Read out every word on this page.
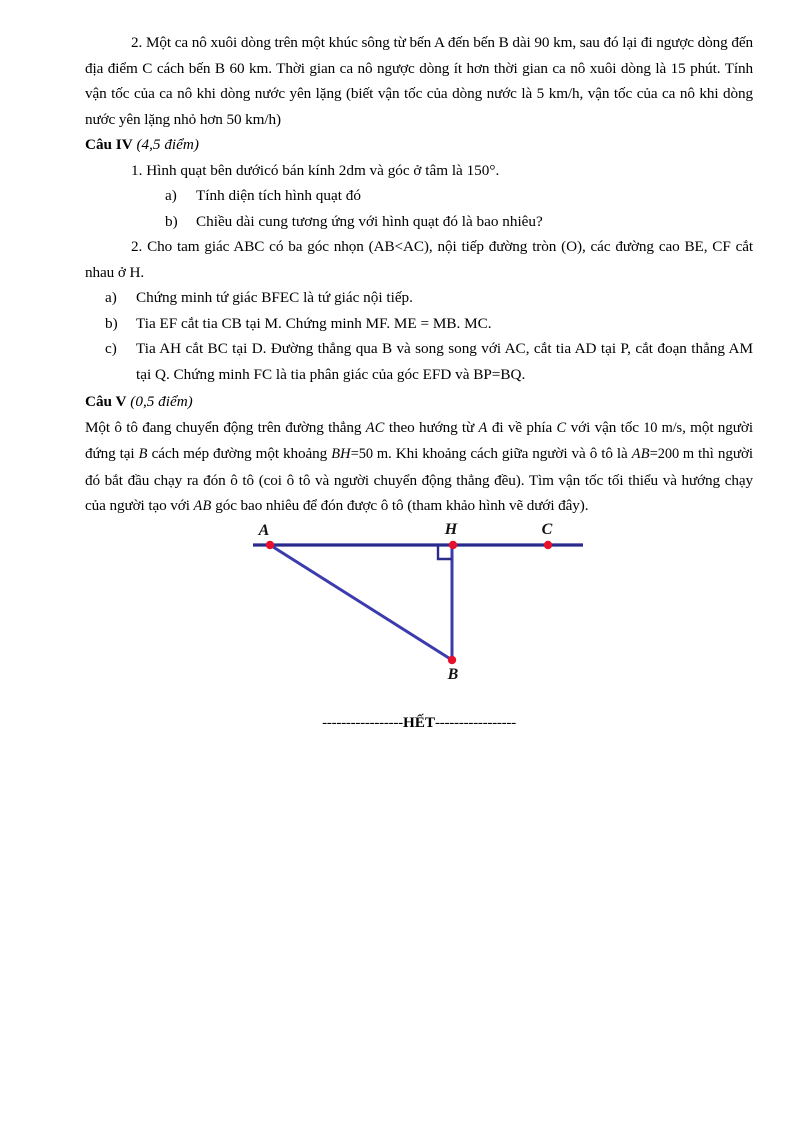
2. Một ca nô xuôi dòng trên một khúc sông từ bến A đến bến B dài 90 km, sau đó lại đi ngược dòng đến địa điểm C cách bến B 60 km. Thời gian ca nô ngược dòng ít hơn thời gian ca nô xuôi dòng là 15 phút. Tính vận tốc của ca nô khi dòng nước yên lặng (biết vận tốc của dòng nước là 5 km/h, vận tốc của ca nô khi dòng nước yên lặng nhỏ hơn 50 km/h)

Câu IV (4,5 điểm)

1. Hình quạt bên dướicó bán kính 2dm và góc ở tâm là 150°.

a) Tính diện tích hình quạt đó
b) Chiều dài cung tương ứng với hình quạt đó là bao nhiêu?

2. Cho tam giác ABC có ba góc nhọn (AB<AC), nội tiếp đường tròn (O), các đường cao BE, CF cắt nhau ở H.

a) Chứng minh tứ giác BFEC là tứ giác nội tiếp.
b) Tia EF cắt tia CB tại M. Chứng minh MF. ME = MB. MC.
c) Tia AH cắt BC tại D. Đường thẳng qua B và song song với AC, cắt tia AD tại P, cắt đoạn thẳng AM tại Q. Chứng minh FC là tia phân giác của góc EFD và BP=BQ.

Câu V (0,5 điểm)

Một ô tô đang chuyển động trên đường thẳng AC theo hướng từ A đi về phía C với vận tốc 10 m/s, một người đứng tại B cách mép đường một khoảng BH=50 m. Khi khoảng cách giữa người và ô tô là AB=200 m thì người đó bắt đầu chạy ra đón ô tô (coi ô tô và người chuyển động thẳng đều). Tìm vận tốc tối thiểu và hướng chạy của người tạo với AB góc bao nhiêu để đón được ô tô (tham khảo hình vẽ dưới đây).

A	H	C
B
-----------------HẾT-----------------
